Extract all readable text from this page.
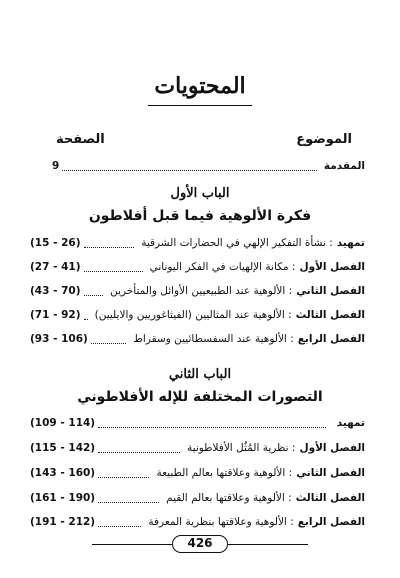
المحتويات
الموضوع
الصفحة
المقدمة
9
الباب الأول
فكرة الألوهية فيما قبل أفلاطون
تمهيد
: نشأة التفكير الإلهي في الحضارات الشرقية
(15 - 26)
الفصل الأول
: مكانة الإلهيات في الفكر اليوناني
(27 - 41)
الفصل الثاني
: الألوهية عند الطبيعيين الأوائل والمتأخرين
(43 - 70)
الفصل الثالث
: الألوهية عند المثاليين (الفيثاغوريين والايليين)
(71 - 92)
الفصل الرابع
: الألوهية عند السفسطائيين وسقراط
(93 - 106)
الباب الثاني
التصورات المختلفة للإله الأفلاطوني
تمهيد
(109 - 114)
الفصل الأول
: نظرية المُثُل الأفلاطونية
(115 - 142)
الفصل الثاني
: الألوهية وعلاقتها بعالم الطبيعة
(143 - 160)
الفصل الثالث
: الألوهية وعلاقتها بعالم القيم
(161 - 190)
الفصل الرابع
: الألوهية وعلاقتها بنظرية المعرفة
(191 - 212)
426
